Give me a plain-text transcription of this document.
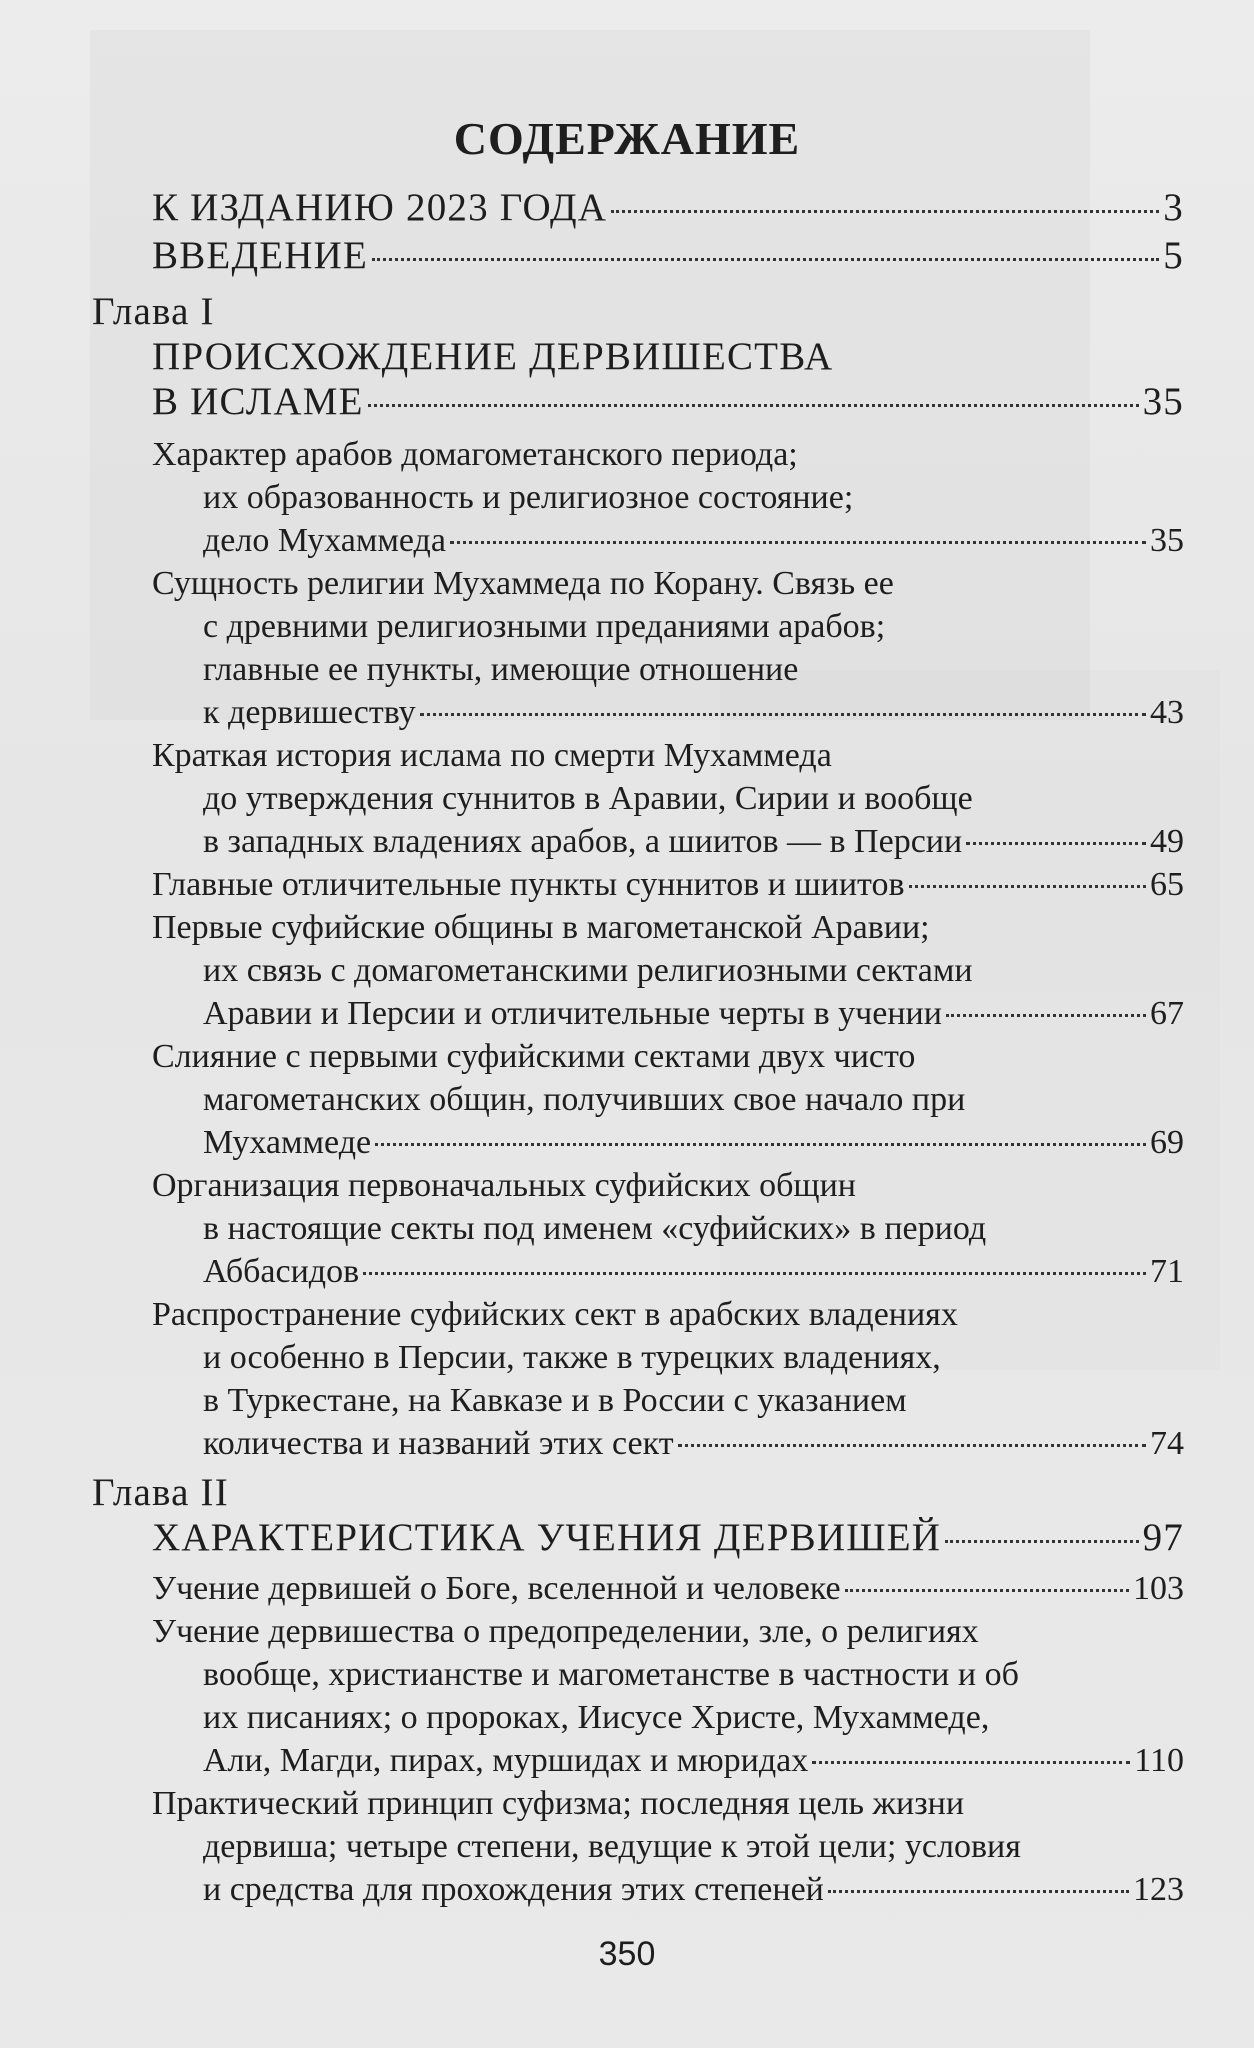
СОДЕРЖАНИЕ
К ИЗДАНИЮ 2023 ГОДА	3
ВВЕДЕНИЕ	5
Глава I
ПРОИСХОЖДЕНИЕ ДЕРВИШЕСТВА
В ИСЛАМЕ	35
Характер арабов домагометанского периода;
их образованность и религиозное состояние;
дело Мухаммеда	35
Сущность религии Мухаммеда по Корану. Связь ее
с древними религиозными преданиями арабов;
главные ее пункты, имеющие отношение
к дервишеству	43
Краткая история ислама по смерти Мухаммеда
до утверждения суннитов в Аравии, Сирии и вообще
в западных владениях арабов, а шиитов — в Персии	49
Главные отличительные пункты суннитов и шиитов	65
Первые суфийские общины в магометанской Аравии;
их связь с домагометанскими религиозными сектами
Аравии и Персии и отличительные черты в учении	67
Слияние с первыми суфийскими сектами двух чисто
магометанских общин, получивших свое начало при
Мухаммеде	69
Организация первоначальных суфийских общин
в настоящие секты под именем «суфийских» в период
Аббасидов	71
Распространение суфийских сект в арабских владениях
и особенно в Персии, также в турецких владениях,
в Туркестане, на Кавказе и в России с указанием
количества и названий этих сект	74
Глава II
ХАРАКТЕРИСТИКА УЧЕНИЯ ДЕРВИШЕЙ	97
Учение дервишей о Боге, вселенной и человеке	103
Учение дервишества о предопределении, зле, о религиях
вообще, христианстве и магометанстве в частности и об
их писаниях; о пророках, Иисусе Христе, Мухаммеде,
Али, Магди, пирах, муршидах и мюридах	110
Практический принцип суфизма; последняя цель жизни
дервиша; четыре степени, ведущие к этой цели; условия
и средства для прохождения этих степеней	123
350
